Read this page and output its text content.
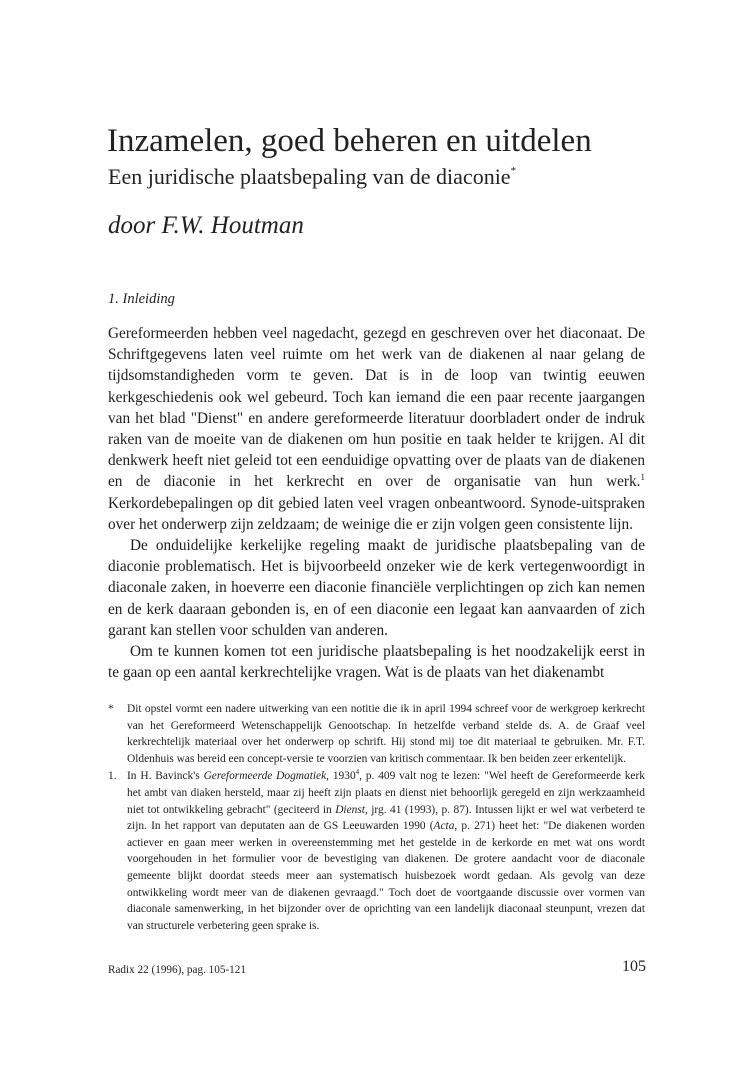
Inzamelen, goed beheren en uitdelen
Een juridische plaatsbepaling van de diaconie*
door F.W. Houtman
1. Inleiding

Gereformeerden hebben veel nagedacht, gezegd en geschreven over het diaconaat. De Schriftgegevens laten veel ruimte om het werk van de diakenen al naar gelang de tijdsomstandigheden vorm te geven. Dat is in de loop van twintig eeuwen kerkgeschiedenis ook wel gebeurd. Toch kan iemand die een paar recente jaargangen van het blad "Dienst" en andere gereformeerde literatuur doorbladert onder de indruk raken van de moeite van de diakenen om hun positie en taak helder te krijgen. Al dit denkwerk heeft niet geleid tot een eenduidige opvatting over de plaats van de diakenen en de diaconie in het kerkrecht en over de organisatie van hun werk.$^1$ Kerkordebepalingen op dit gebied laten veel vragen onbeantwoord. Synode-uitspraken over het onderwerp zijn zeldzaam; de weinige die er zijn volgen geen consistente lijn.

De onduidelijke kerkelijke regeling maakt de juridische plaatsbepaling van de diaconie problematisch. Het is bijvoorbeeld onzeker wie de kerk vertegenwoordigt in diaconale zaken, in hoeverre een diaconie financiële verplichtingen op zich kan nemen en de kerk daaraan gebonden is, en of een diaconie een legaat kan aanvaarden of zich garant kan stellen voor schulden van anderen.

Om te kunnen komen tot een juridische plaatsbepaling is het noodzakelijk eerst in te gaan op een aantal kerkrechtelijke vragen. Wat is de plaats van het diakenambt

*	Dit opstel vormt een nadere uitwerking van een notitie die ik in april 1994 schreef voor de werkgroep kerkrecht van het Gereformeerd Wetenschappelijk Genootschap. In hetzelfde verband stelde ds. A. de Graaf veel kerkrechtelijk materiaal over het onderwerp op schrift. Hij stond mij toe dit materiaal te gebruiken. Mr. F.T. Oldenhuis was bereid een concept-versie te voorzien van kritisch commentaar. Ik ben beiden zeer erkentelijk.
1. In H. Bavinck's Gereformeerde Dogmatiek, 1930$^4$, p. 409 valt nog te lezen: "Wel heeft de Gereformeerde kerk het ambt van diaken hersteld, maar zij heeft zijn plaats en dienst niet behoorlijk geregeld en zijn werkzaamheid niet tot ontwikkeling gebracht" (geciteerd in Dienst, jrg. 41 (1993), p. 87). Intussen lijkt er wel wat verbeterd te zijn. In het rapport van deputaten aan de GS Leeuwarden 1990 (Acta, p. 271) heet het: "De diakenen worden actiever en gaan meer werken in overeenstemming met het gestelde in de kerkorde en met wat ons wordt voorgehouden in het formulier voor de bevestiging van diakenen. De grotere aandacht voor de diaconale gemeente blijkt doordat steeds meer aan systematisch huisbezoek wordt gedaan. Als gevolg van deze ontwikkeling wordt meer van de diakenen gevraagd." Toch doet de voortgaande discussie over vormen van diaconale samenwerking, in het bijzonder over de oprichting van een landelijk diaconaal steunpunt, vrezen dat van structurele verbetering geen sprake is.
Radix 22 (1996), pag. 105-121	105
